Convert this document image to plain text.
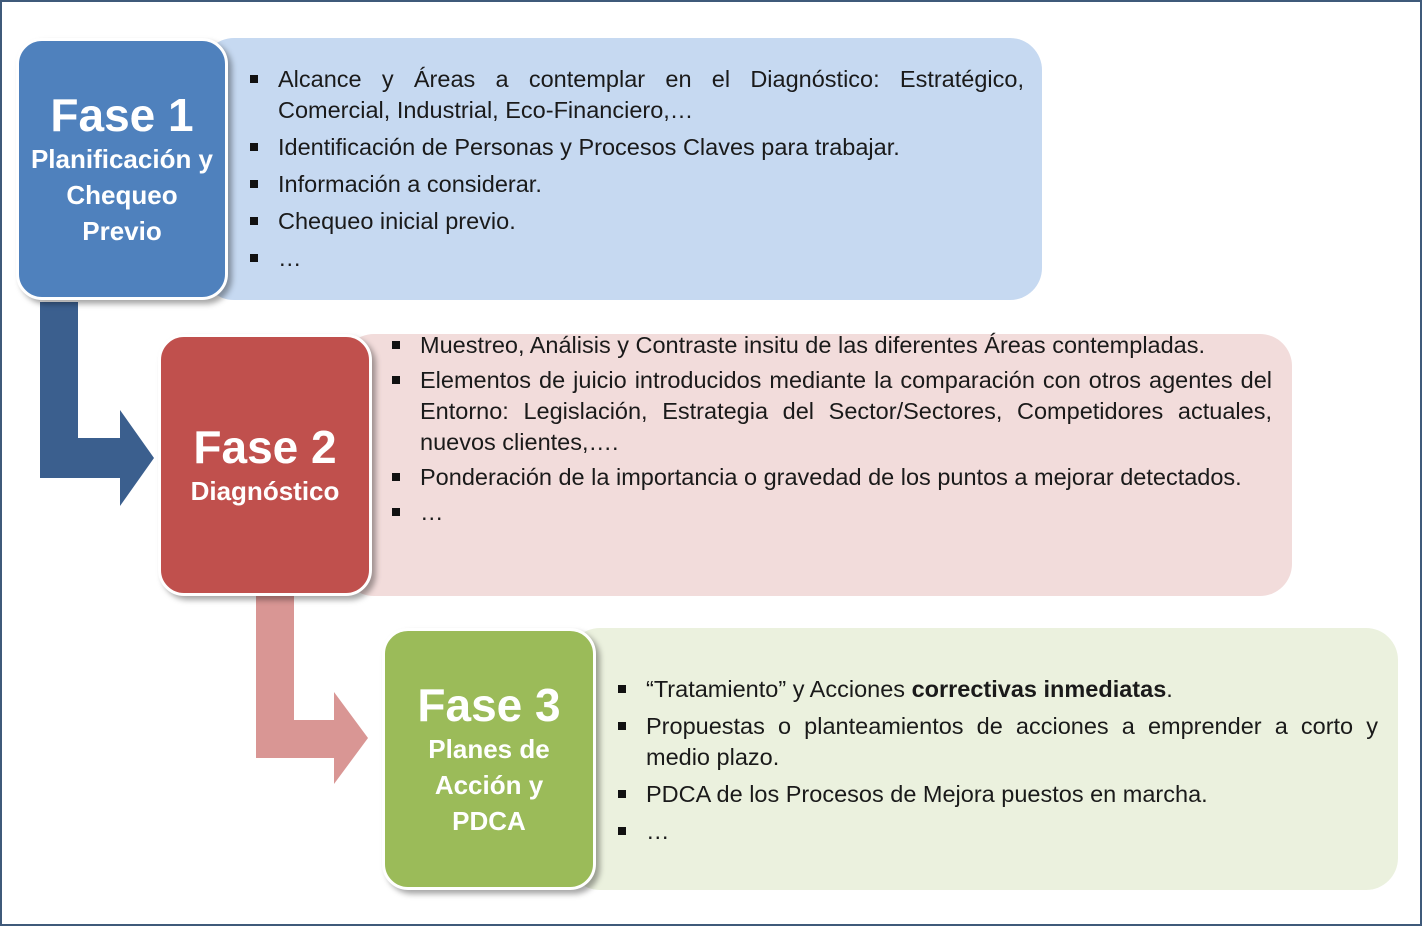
Alcance y Áreas a contemplar en el Diagnóstico: Estratégico, Comercial, Industrial, Eco-Financiero,…
Identificación de Personas y Procesos Claves para trabajar.
Información a considerar.
Chequeo inicial previo.
…
Fase 1
Planificación y
Chequeo
Previo
Muestreo, Análisis y Contraste insitu de las diferentes Áreas contempladas.
Elementos de juicio introducidos mediante la comparación con otros agentes del Entorno: Legislación, Estrategia del Sector/Sectores, Competidores actuales, nuevos clientes,….
Ponderación de la importancia o gravedad de los puntos a mejorar detectados.
…
Fase 2
Diagnóstico
“Tratamiento” y Acciones correctivas inmediatas.
Propuestas o planteamientos de acciones a emprender a corto y medio plazo.
PDCA de los Procesos de Mejora puestos en marcha.
…
Fase 3
Planes de
Acción y
PDCA
